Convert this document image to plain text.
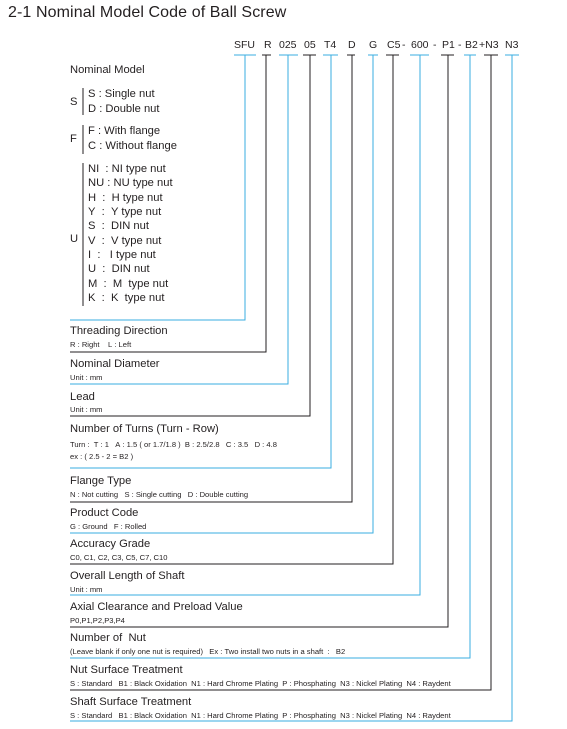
2-1 Nominal Model Code of Ball Screw
SFU R 025 05 T4 D G C5 - 600 - P1 - B2 +N3 N3
Nominal Model
S
S : Single nut
D : Double nut
F
F : With flange
C : Without flange
U
NI  : NI type nut
NU : NU type nut
H  :  H type nut
Y  :  Y type nut
S  :  DIN nut
V  :  V type nut
I  :   I type nut
U  :  DIN nut
M  :  M  type nut
K  :  K  type nut
Threading Direction
R : Right    L : Left
Nominal Diameter
Unit : mm
Lead
Unit : mm
Number of Turns (Turn - Row)
Turn :  T : 1   A : 1.5 ( or 1.7/1.8 )  B : 2.5/2.8   C : 3.5   D : 4.8
ex : ( 2.5 - 2 = B2 )
Flange Type
N : Not cutting   S : Single cutting   D : Double cutting
Product Code
G : Ground   F : Rolled
Accuracy Grade
C0, C1, C2, C3, C5, C7, C10
Overall Length of Shaft
Unit : mm
Axial Clearance and Preload Value
P0,P1,P2,P3,P4
Number of  Nut
(Leave blank if only one nut is required)   Ex : Two install two nuts in a shaft  :   B2
Nut Surface Treatment
S : Standard   B1 : Black Oxidation  N1 : Hard Chrome Plating  P : Phosphating  N3 : Nickel Plating  N4 : Raydent
Shaft Surface Treatment
S : Standard   B1 : Black Oxidation  N1 : Hard Chrome Plating  P : Phosphating  N3 : Nickel Plating  N4 : Raydent
